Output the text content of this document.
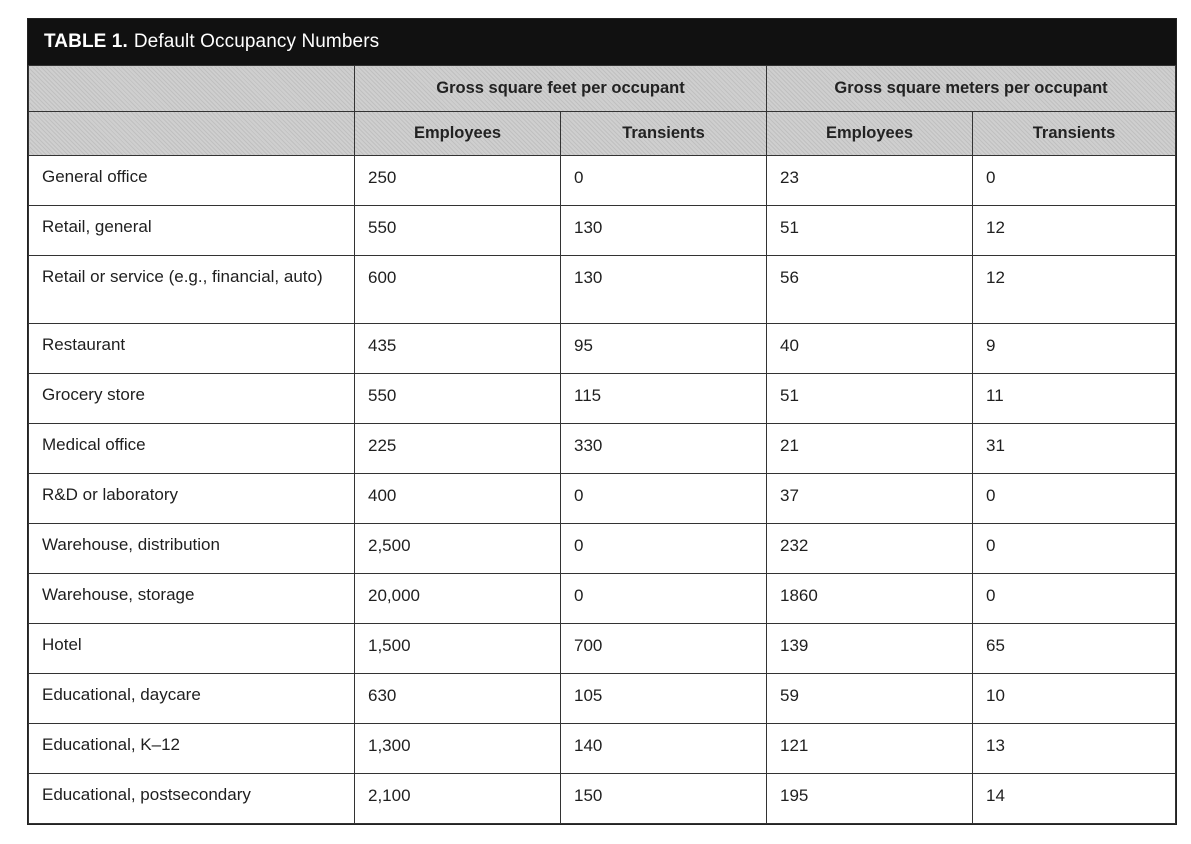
TABLE 1. Default Occupancy Numbers
	Gross square feet per occupant		Gross square meters per occupant	
	Employees	Transients	Employees	Transients
General office	250	0	23	0
Retail, general	550	130	51	12
Retail or service (e.g., financial, auto)	600	130	56	12
Restaurant	435	95	40	9
Grocery store	550	115	51	11
Medical office	225	330	21	31
R&D or laboratory	400	0	37	0
Warehouse, distribution	2,500	0	232	0
Warehouse, storage	20,000	0	1860	0
Hotel	1,500	700	139	65
Educational, daycare	630	105	59	10
Educational, K–12	1,300	140	121	13
Educational, postsecondary	2,100	150	195	14
